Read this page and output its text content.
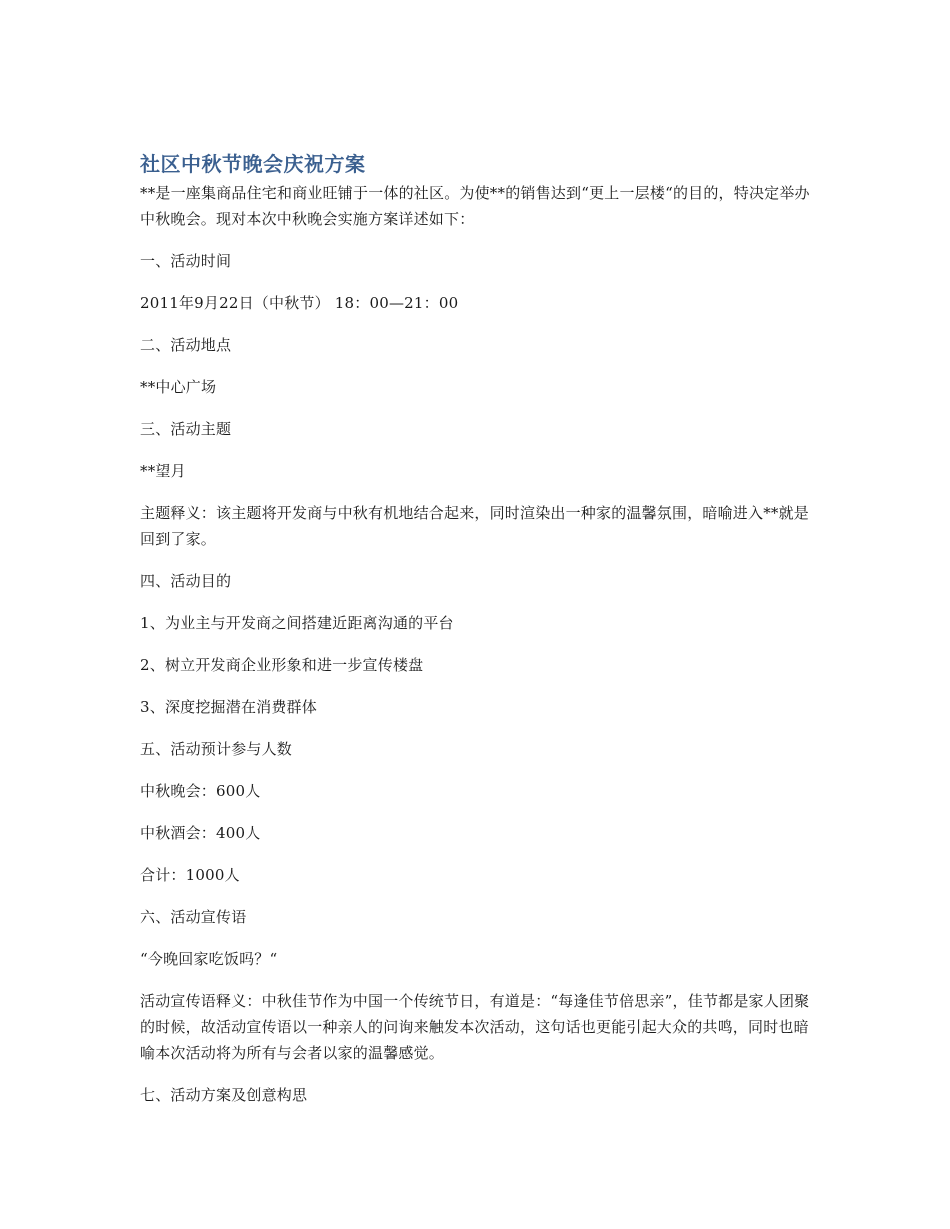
社区中秋节晚会庆祝方案

**是一座集商品住宅和商业旺铺于一体的社区。为使**的销售达到“更上一层楼“的目的，特决定举办中秋晚会。现对本次中秋晚会实施方案详述如下：

一、活动时间

2011年9月22日（中秋节） 18：00—21：00

二、活动地点

**中心广场

三、活动主题

**望月

主题释义：该主题将开发商与中秋有机地结合起来，同时渲染出一种家的温馨氛围，暗喻进入**就是回到了家。

四、活动目的

1、为业主与开发商之间搭建近距离沟通的平台

2、树立开发商企业形象和进一步宣传楼盘

3、深度挖掘潜在消费群体

五、活动预计参与人数

中秋晚会：600人

中秋酒会：400人

合计：1000人

六、活动宣传语

“今晚回家吃饭吗？“

活动宣传语释义：中秋佳节作为中国一个传统节日，有道是：“每逢佳节倍思亲”，佳节都是家人团聚的时候，故活动宣传语以一种亲人的问询来触发本次活动，这句话也更能引起大众的共鸣，同时也暗喻本次活动将为所有与会者以家的温馨感觉。

七、活动方案及创意构思
